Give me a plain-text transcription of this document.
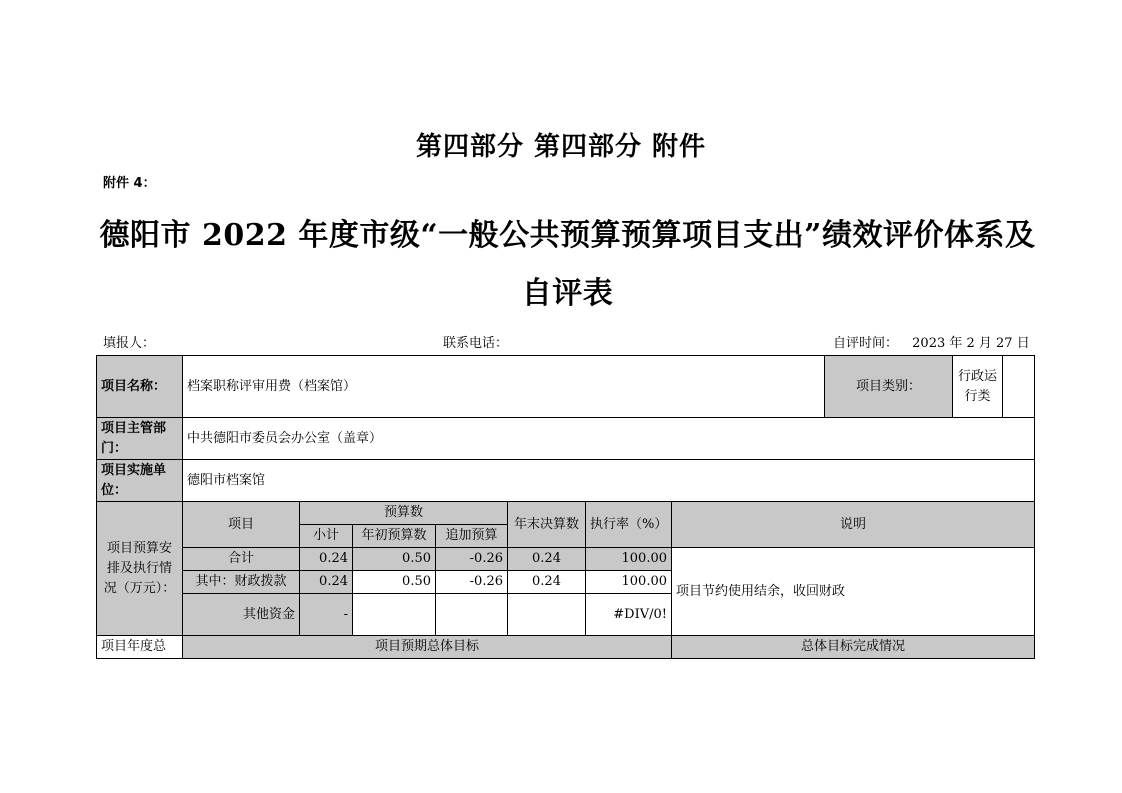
第四部分 第四部分 附件
附件 4：
德阳市 2022 年度市级“一般公共预算预算项目支出”绩效评价体系及自评表
填报人：	联系电话：	自评时间： 2023 年 2 月 27 日
项目名称：	档案职称评审用费（档案馆）							项目类别：	行政运行类	
项目主管部门：	中共德阳市委员会办公室（盖章）									
项目实施单位：	德阳市档案馆									
项目预算安排及执行情况（万元）：	项目	预算数			年末决算数	执行率（%）	说明			
		小计	年初预算数	追加预算						
	合计	0.24	0.50	-0.26	0.24	100.00	项目节约使用结余，收回财政			
	其中：财政拨款	0.24	0.50	-0.26	0.24	100.00				
	其他资金	-				#DIV/0!				
项目年度总	项目预期总体目标						总体目标完成情况			
